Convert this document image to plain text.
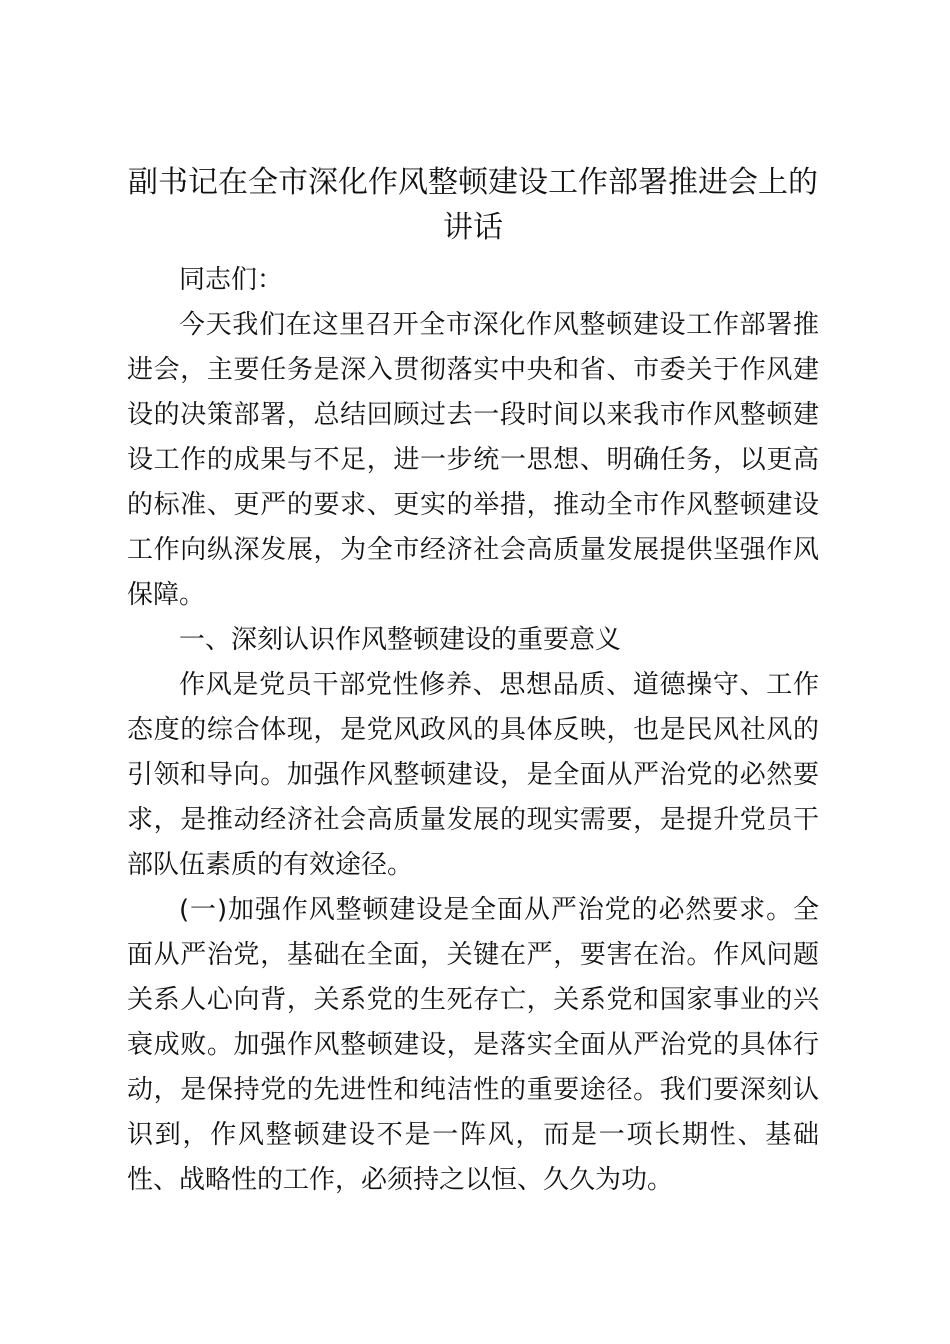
副书记在全市深化作风整顿建设工作部署推进会上的讲话

同志们：

今天我们在这里召开全市深化作风整顿建设工作部署推进会，主要任务是深入贯彻落实中央和省、市委关于作风建设的决策部署，总结回顾过去一段时间以来我市作风整顿建设工作的成果与不足，进一步统一思想、明确任务，以更高的标准、更严的要求、更实的举措，推动全市作风整顿建设工作向纵深发展，为全市经济社会高质量发展提供坚强作风保障。

一、深刻认识作风整顿建设的重要意义

作风是党员干部党性修养、思想品质、道德操守、工作态度的综合体现，是党风政风的具体反映，也是民风社风的引领和导向。加强作风整顿建设，是全面从严治党的必然要求，是推动经济社会高质量发展的现实需要，是提升党员干部队伍素质的有效途径。

(一)加强作风整顿建设是全面从严治党的必然要求。全面从严治党，基础在全面，关键在严，要害在治。作风问题关系人心向背，关系党的生死存亡，关系党和国家事业的兴衰成败。加强作风整顿建设，是落实全面从严治党的具体行动，是保持党的先进性和纯洁性的重要途径。我们要深刻认识到，作风整顿建设不是一阵风，而是一项长期性、基础性、战略性的工作，必须持之以恒、久久为功。
